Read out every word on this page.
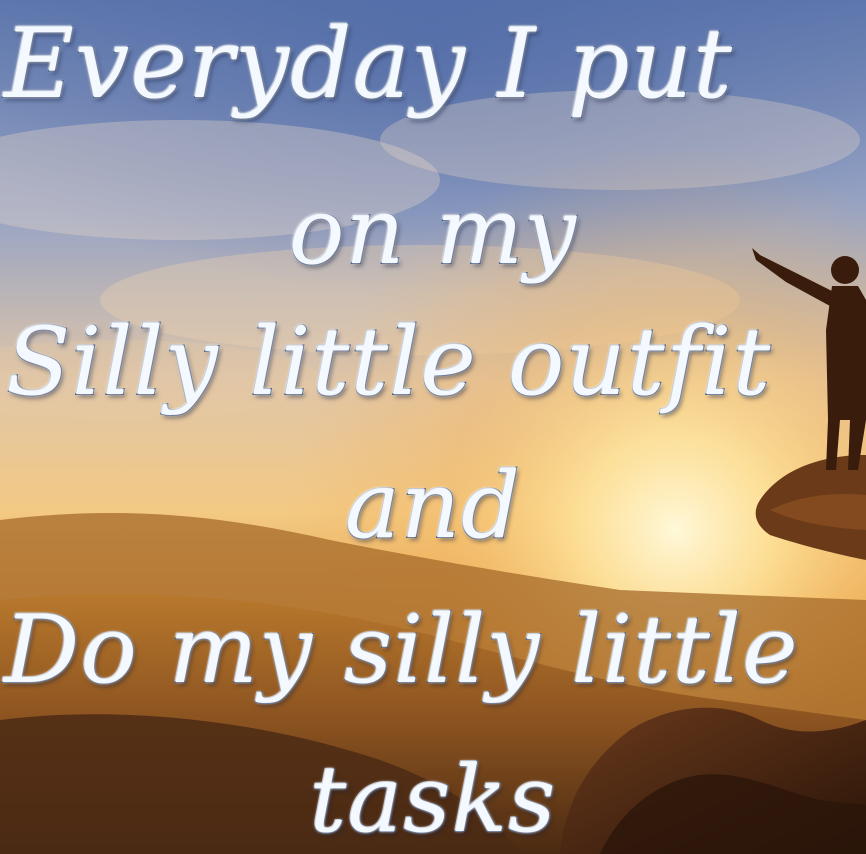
Everyday I put
on my
Silly little outfit
and
Do my silly little
tasks
